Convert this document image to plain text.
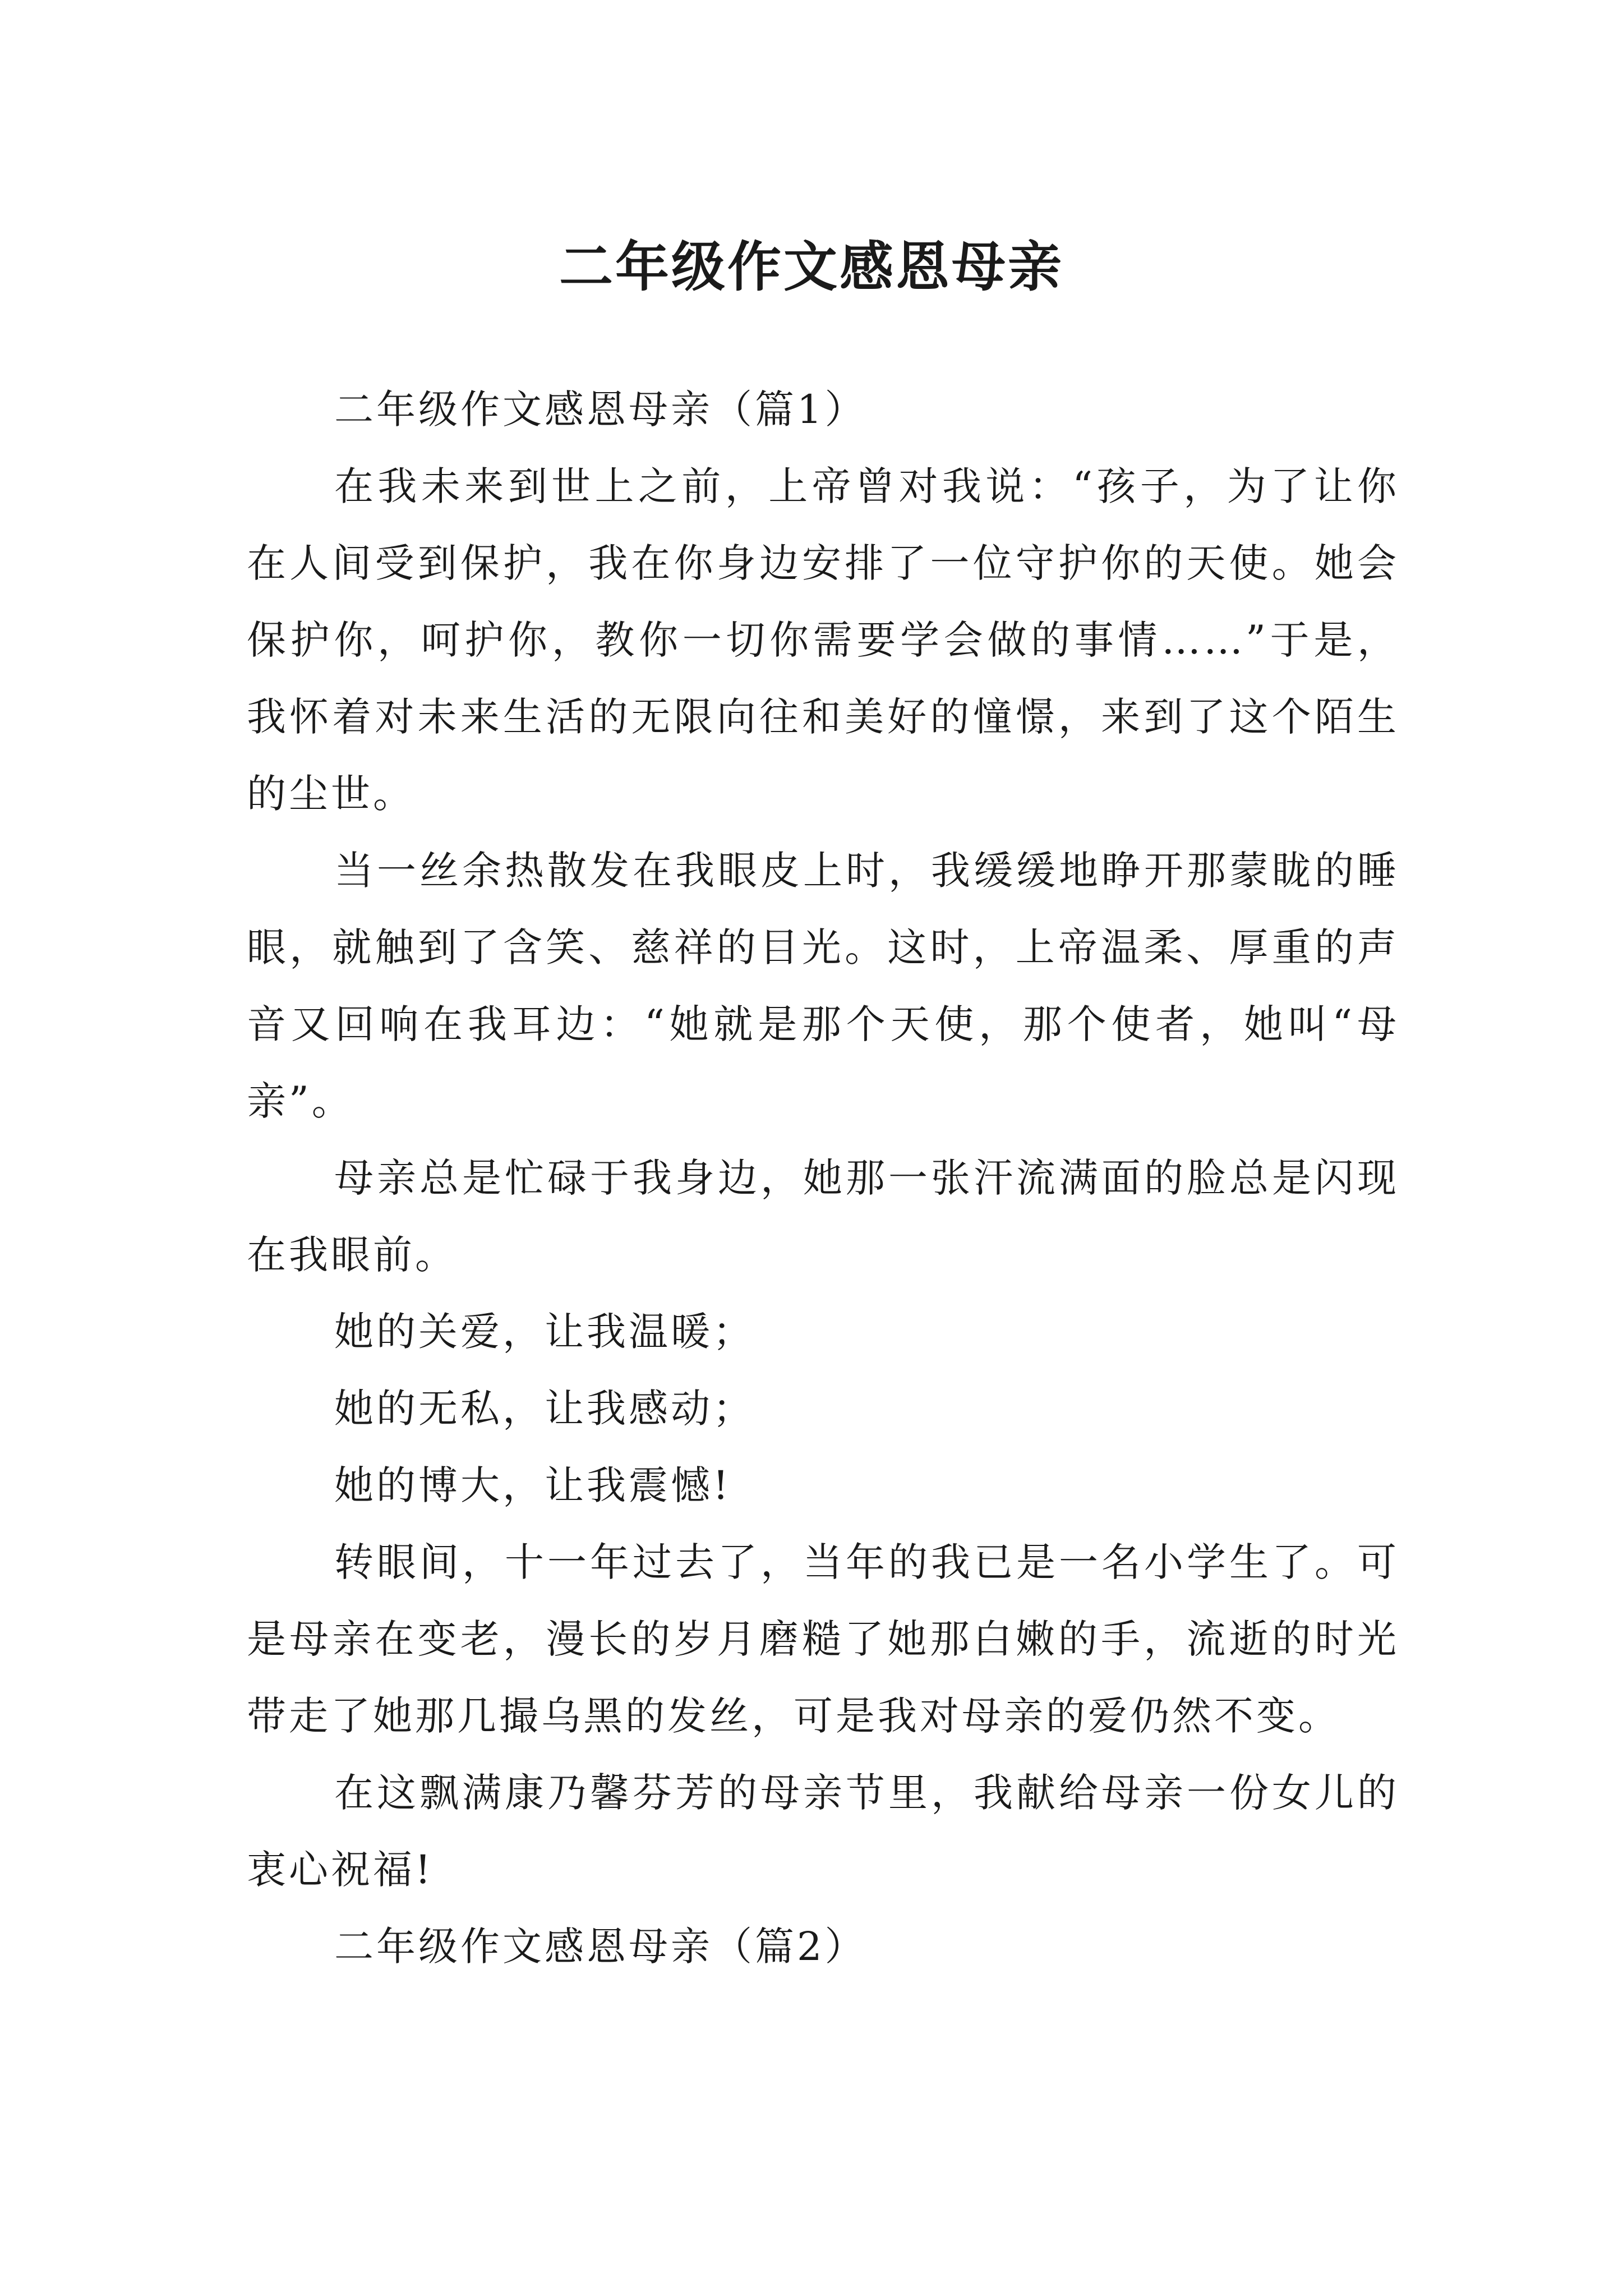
二年级作文感恩母亲

二年级作文感恩母亲（篇1）

在我未来到世上之前，上帝曾对我说：“孩子，为了让你在人间受到保护，我在你身边安排了一位守护你的天使。她会保护你，呵护你，教你一切你需要学会做的事情……”于是，我怀着对未来生活的无限向往和美好的憧憬，来到了这个陌生的尘世。

当一丝余热散发在我眼皮上时，我缓缓地睁开那蒙眬的睡眼，就触到了含笑、慈祥的目光。这时，上帝温柔、厚重的声音又回响在我耳边：“她就是那个天使，那个使者，她叫“母亲”。

母亲总是忙碌于我身边，她那一张汗流满面的脸总是闪现在我眼前。

她的关爱，让我温暖；

她的无私，让我感动；

她的博大，让我震憾!

转眼间，十一年过去了，当年的我已是一名小学生了。可是母亲在变老，漫长的岁月磨糙了她那白嫩的手，流逝的时光带走了她那几撮乌黑的发丝，可是我对母亲的爱仍然不变。

在这飘满康乃馨芬芳的母亲节里，我献给母亲一份女儿的衷心祝福!

二年级作文感恩母亲（篇2）
